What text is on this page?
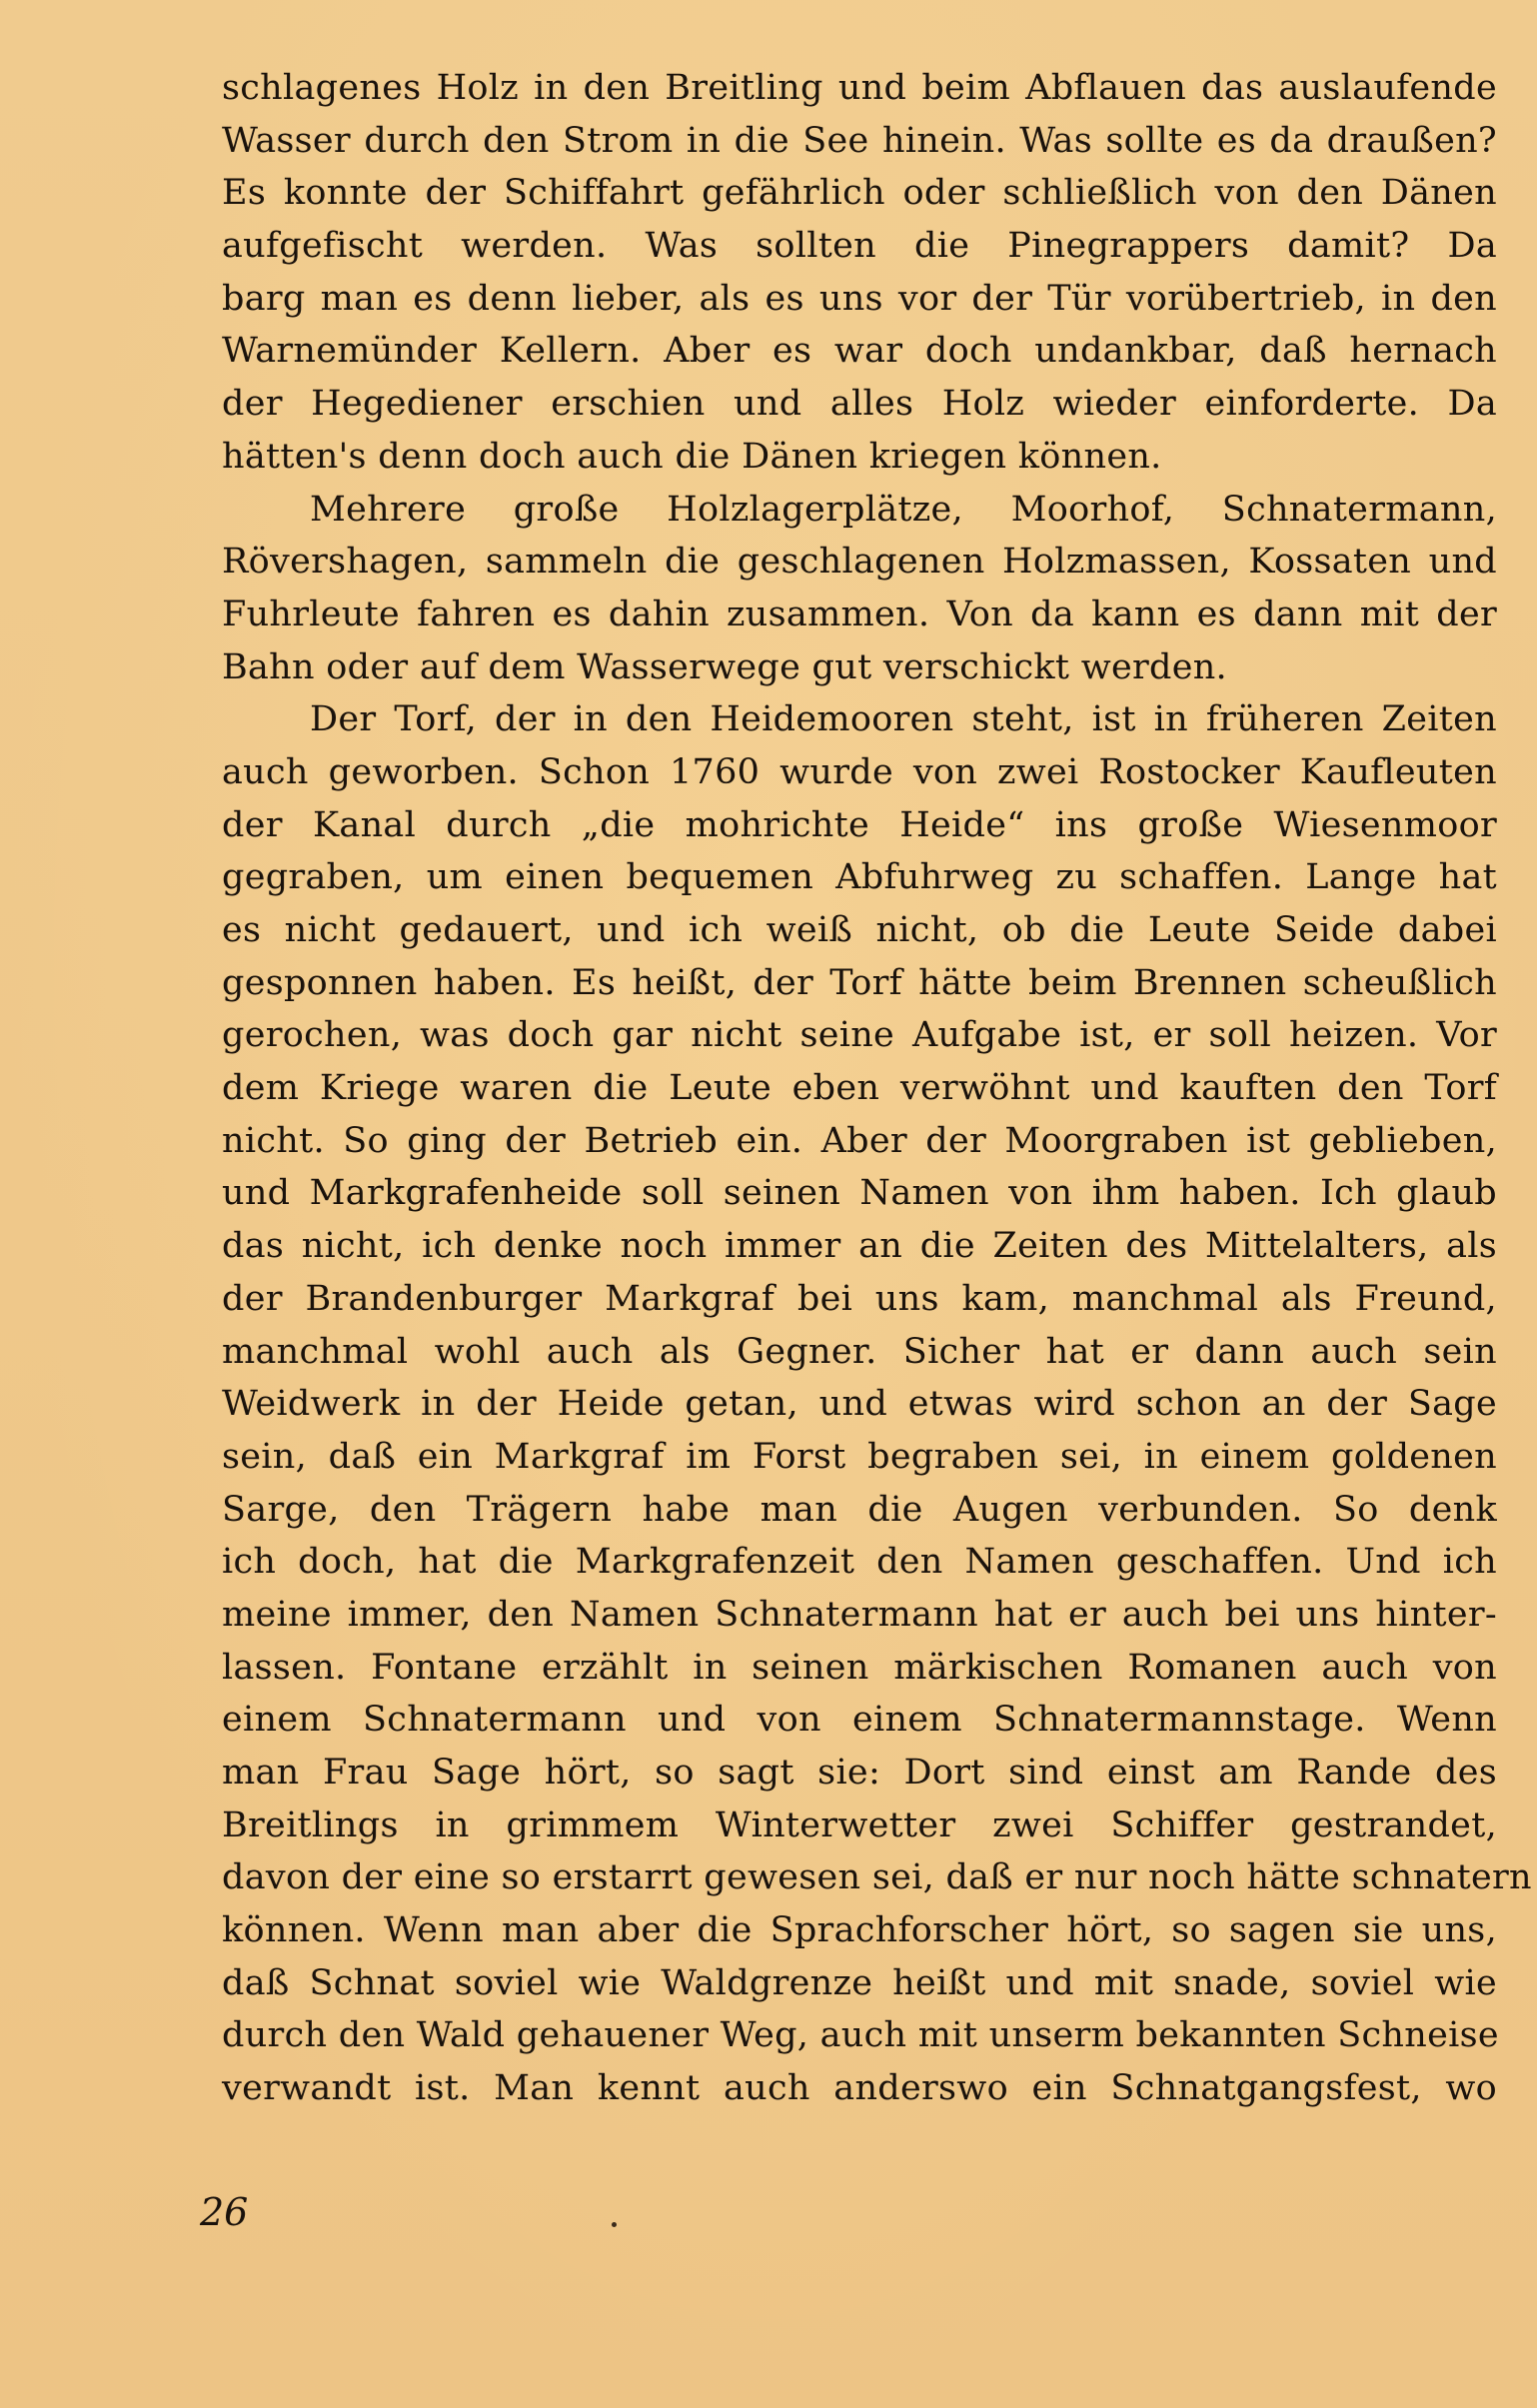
schlagenes Holz in den Breitling und beim Abflauen das auslaufende
Wasser durch den Strom in die See hinein. Was sollte es da draußen?
Es konnte der Schiffahrt gefährlich oder schließlich von den Dänen
aufgefischt werden. Was sollten die Pinegrappers damit? Da
barg man es denn lieber, als es uns vor der Tür vorübertrieb, in den
Warnemünder Kellern. Aber es war doch undankbar, daß hernach
der Hegediener erschien und alles Holz wieder einforderte. Da
hätten's denn doch auch die Dänen kriegen können.
Mehrere große Holzlagerplätze, Moorhof, Schnatermann,
Rövershagen, sammeln die geschlagenen Holzmassen, Kossaten und
Fuhrleute fahren es dahin zusammen. Von da kann es dann mit der
Bahn oder auf dem Wasserwege gut verschickt werden.
Der Torf, der in den Heidemooren steht, ist in früheren Zeiten
auch geworben. Schon 1760 wurde von zwei Rostocker Kaufleuten
der Kanal durch „die mohrichte Heide“ ins große Wiesenmoor
gegraben, um einen bequemen Abfuhrweg zu schaffen. Lange hat
es nicht gedauert, und ich weiß nicht, ob die Leute Seide dabei
gesponnen haben. Es heißt, der Torf hätte beim Brennen scheußlich
gerochen, was doch gar nicht seine Aufgabe ist, er soll heizen. Vor
dem Kriege waren die Leute eben verwöhnt und kauften den Torf
nicht. So ging der Betrieb ein. Aber der Moorgraben ist geblieben,
und Markgrafenheide soll seinen Namen von ihm haben. Ich glaub
das nicht, ich denke noch immer an die Zeiten des Mittelalters, als
der Brandenburger Markgraf bei uns kam, manchmal als Freund,
manchmal wohl auch als Gegner. Sicher hat er dann auch sein
Weidwerk in der Heide getan, und etwas wird schon an der Sage
sein, daß ein Markgraf im Forst begraben sei, in einem goldenen
Sarge, den Trägern habe man die Augen verbunden. So denk
ich doch, hat die Markgrafenzeit den Namen geschaffen. Und ich
meine immer, den Namen Schnatermann hat er auch bei uns hinter-
lassen. Fontane erzählt in seinen märkischen Romanen auch von
einem Schnatermann und von einem Schnatermannstage. Wenn
man Frau Sage hört, so sagt sie: Dort sind einst am Rande des
Breitlings in grimmem Winterwetter zwei Schiffer gestrandet,
davon der eine so erstarrt gewesen sei, daß er nur noch hätte schnatern
können. Wenn man aber die Sprachforscher hört, so sagen sie uns,
daß Schnat soviel wie Waldgrenze heißt und mit snade, soviel wie
durch den Wald gehauener Weg, auch mit unserm bekannten Schneise
verwandt ist. Man kennt auch anderswo ein Schnatgangsfest, wo
26
